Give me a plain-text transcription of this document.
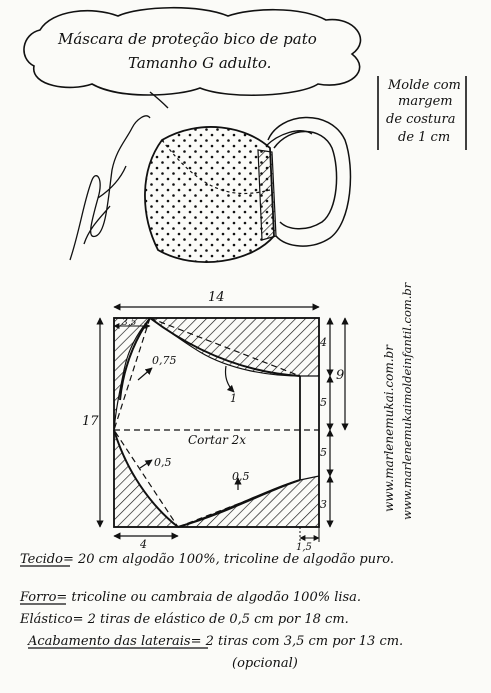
Máscara de proteção bico de pato
Tamanho G adulto.
Molde com
margem
de costura
de 1 cm
www.marlenemukai.com.br www.marlenemukaimoldeinfantil.com.br
14
17
4
3,5
4
5
9
5
3
1,5
0,75
1
0,5
0,5
Cortar 2x
Tecido= 20 cm algodão 100%, tricoline de algodão puro.
Forro= tricoline ou cambraia de algodão 100% lisa.
Elástico= 2 tiras de elástico de 0,5 cm por 18 cm.
Acabamento das laterais= 2 tiras com 3,5 cm por 13 cm.
(opcional)
